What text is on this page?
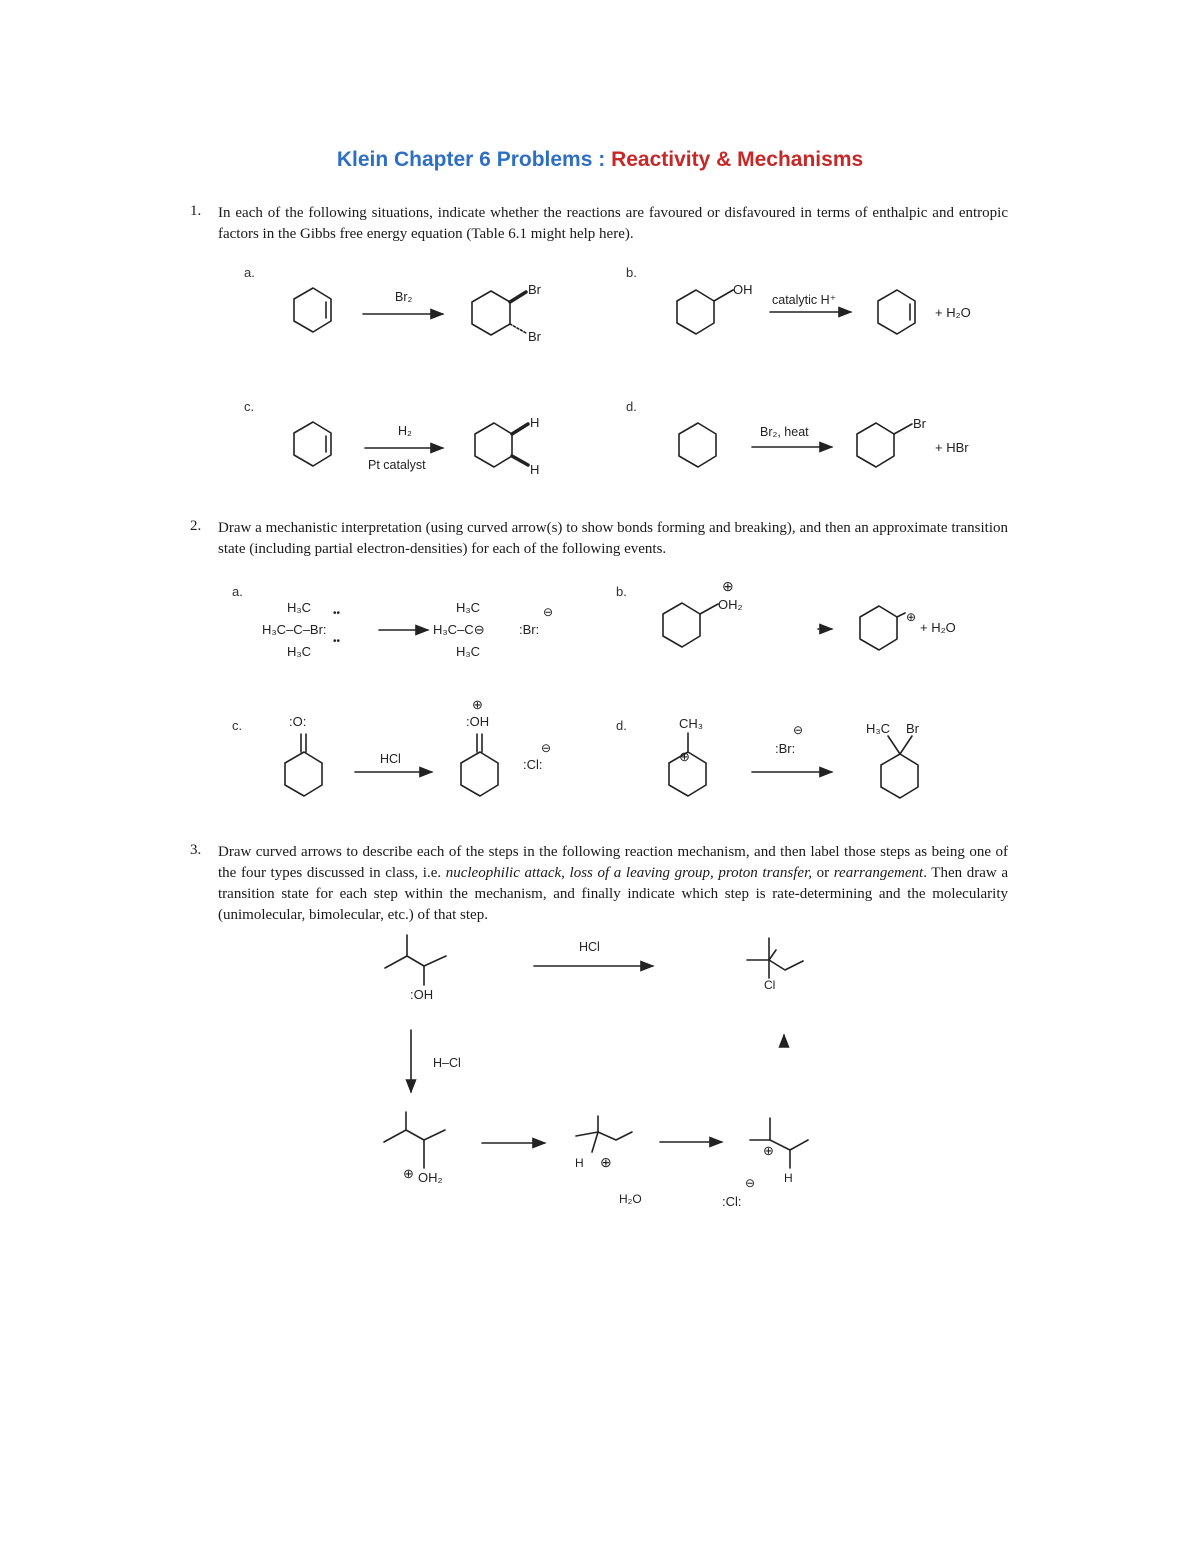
Klein Chapter 6 Problems : Reactivity & Mechanisms
1. In each of the following situations, indicate whether the reactions are favoured or disfavoured in terms of enthalpic and entropic factors in the Gibbs free energy equation (Table 6.1 might help here).
a.
Br₂	Br
Br
b.
OH
catalytic H⁺
+ H₂O
c.
H₂
Pt catalyst
H
H
d.
Br₂, heat
Br
+ HBr
2. Draw a mechanistic interpretation (using curved arrow(s) to show bonds forming and breaking), and then an approximate transition state (including partial electron-densities) for each of the following events.
a.
H₃C ••
H₃C–C–Br:
••
H₃C
H₃C
H₃C–C⊖
H₃C
:Br:
⊖
b.	⊕
OH₂
⊕
+ H₂O
c.	:O:
HCl
⊕
:OH
:Cl:
⊖
d.	CH₃
⊕
:Br:
⊖	H₃C Br
3. Draw curved arrows to describe each of the steps in the following reaction mechanism, and then label those steps as being one of the four types discussed in class, i.e. nucleophilic attack, loss of a leaving group, proton transfer, or rearrangement. Then draw a transition state for each step within the mechanism, and finally indicate which step is rate-determining and the molecularity (unimolecular, bimolecular, etc.) of that step.
HCl
:OH
Cl
H–Cl
⊕ OH₂
H ⊕
H₂O
⊕
H
:Cl:
⊖
